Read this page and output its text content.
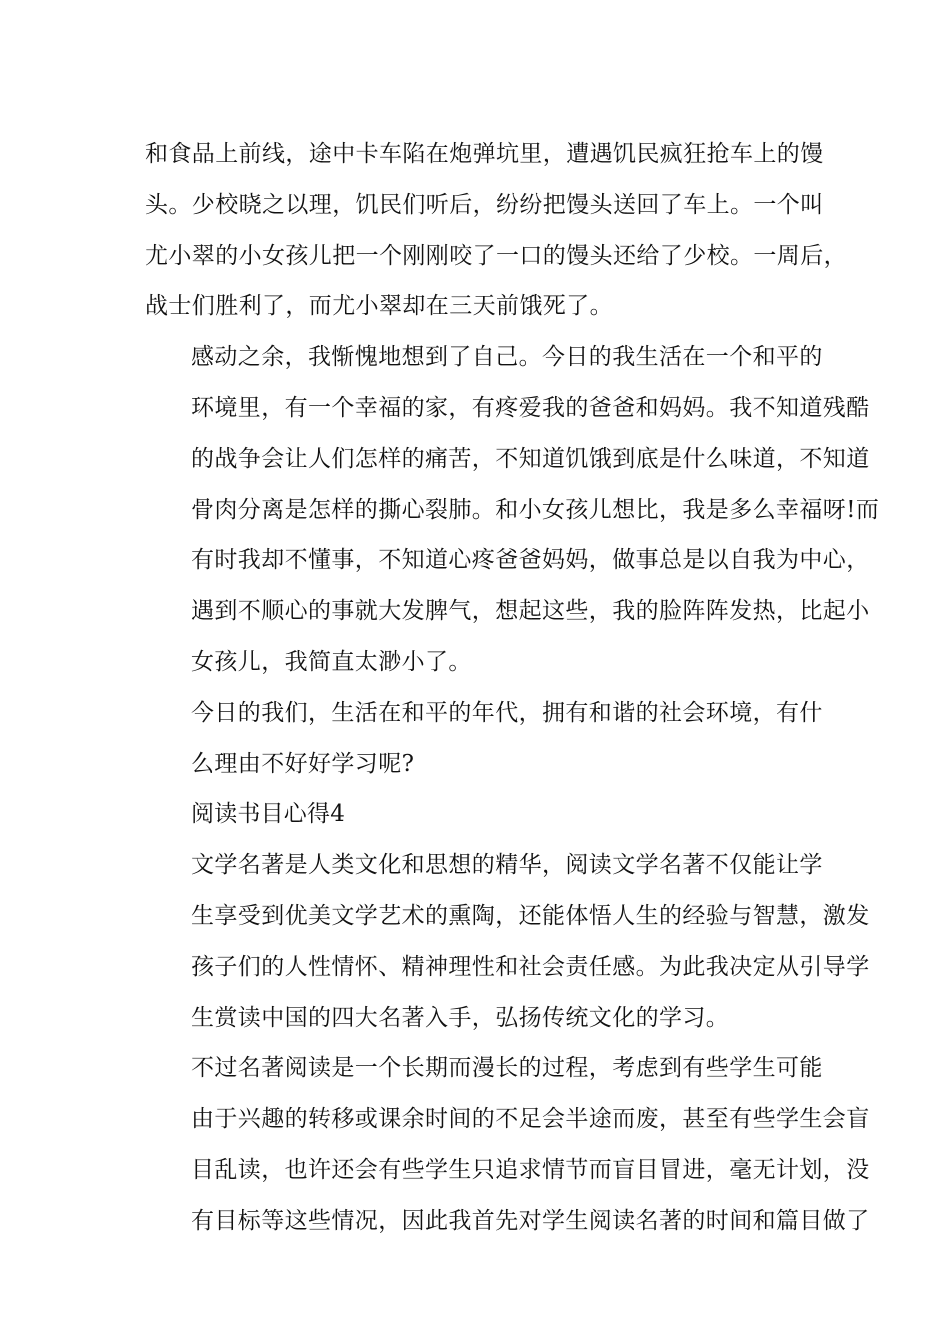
和食品上前线，途中卡车陷在炮弹坑里，遭遇饥民疯狂抢车上的馒
头。少校晓之以理，饥民们听后，纷纷把馒头送回了车上。一个叫
尤小翠的小女孩儿把一个刚刚咬了一口的馒头还给了少校。一周后，
战士们胜利了，而尤小翠却在三天前饿死了。

感动之余，我惭愧地想到了自己。今日的我生活在一个和平的
环境里，有一个幸福的家，有疼爱我的爸爸和妈妈。我不知道残酷
的战争会让人们怎样的痛苦，不知道饥饿到底是什么味道，不知道
骨肉分离是怎样的撕心裂肺。和小女孩儿想比，我是多么幸福呀!而
有时我却不懂事，不知道心疼爸爸妈妈，做事总是以自我为中心，
遇到不顺心的事就大发脾气，想起这些，我的脸阵阵发热，比起小
女孩儿，我简直太渺小了。

今日的我们，生活在和平的年代，拥有和谐的社会环境，有什
么理由不好好学习呢?

阅读书目心得4

文学名著是人类文化和思想的精华，阅读文学名著不仅能让学
生享受到优美文学艺术的熏陶，还能体悟人生的经验与智慧，激发
孩子们的人性情怀、精神理性和社会责任感。为此我决定从引导学
生赏读中国的四大名著入手，弘扬传统文化的学习。

不过名著阅读是一个长期而漫长的过程，考虑到有些学生可能
由于兴趣的转移或课余时间的不足会半途而废，甚至有些学生会盲
目乱读，也许还会有些学生只追求情节而盲目冒进，毫无计划，没
有目标等这些情况，因此我首先对学生阅读名著的时间和篇目做了
